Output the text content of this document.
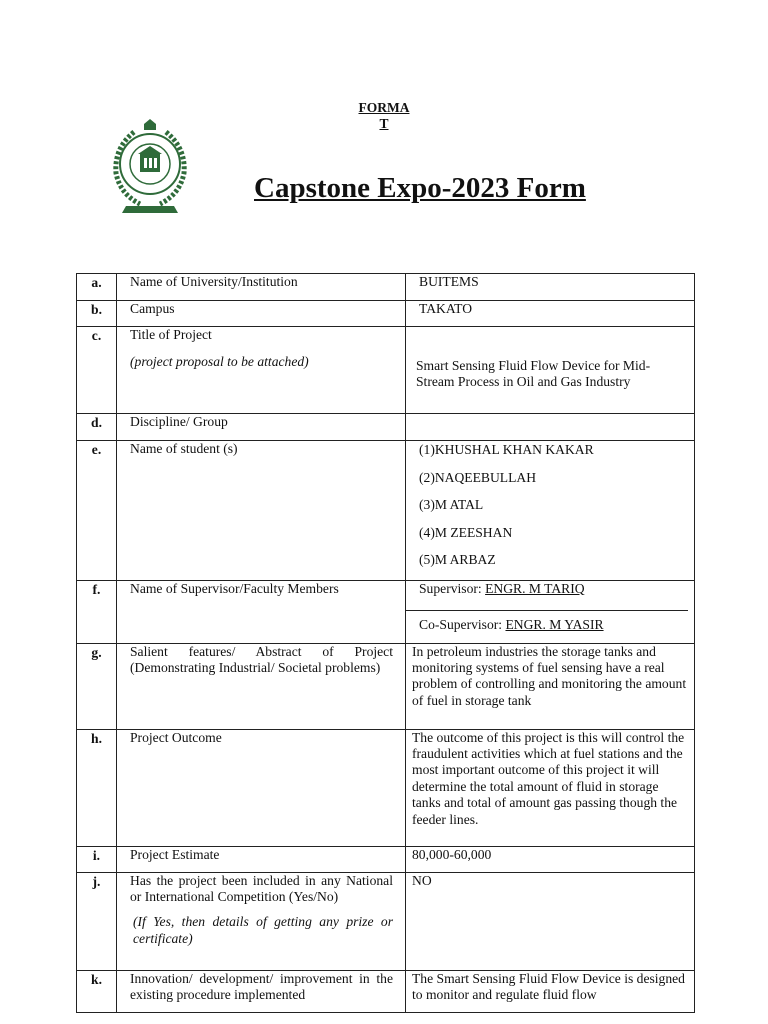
FORMA
T
Capstone Expo-2023 Form
a.	Name of University/Institution	BUITEMS

b.	Campus	TAKATO

c.	Title of Project
(project proposal to be attached)	Smart Sensing Fluid Flow Device for Mid-Stream Process in Oil and Gas Industry

d.	Discipline/ Group	

e.	Name of student (s)	(1)KHUSHAL KHAN KAKAR
(2)NAQEEBULLAH
(3)M ATAL
(4)M ZEESHAN
(5)M ARBAZ

f.	Name of Supervisor/Faculty Members	Supervisor: ENGR. M TARIQ
Co-Supervisor: ENGR. M YASIR

g.	Salient features/ Abstract of Project (Demonstrating Industrial/ Societal problems)	In petroleum industries the storage tanks and monitoring systems of fuel sensing have a real problem of controlling and monitoring the amount of fuel in storage tank

h.	Project Outcome	The outcome of this project is this will control the fraudulent activities which at fuel stations and the most important outcome of this project it will determine the total amount of fluid in storage tanks and total of amount gas passing though the feeder lines.

i.	Project Estimate	80,000-60,000

j.	Has the project been included in any National or International Competition (Yes/No)
(If Yes, then details of getting any prize or certificate)	NO

k.	Innovation/ development/ improvement in the existing procedure implemented	The Smart Sensing Fluid Flow Device is designed to monitor and regulate fluid flow
